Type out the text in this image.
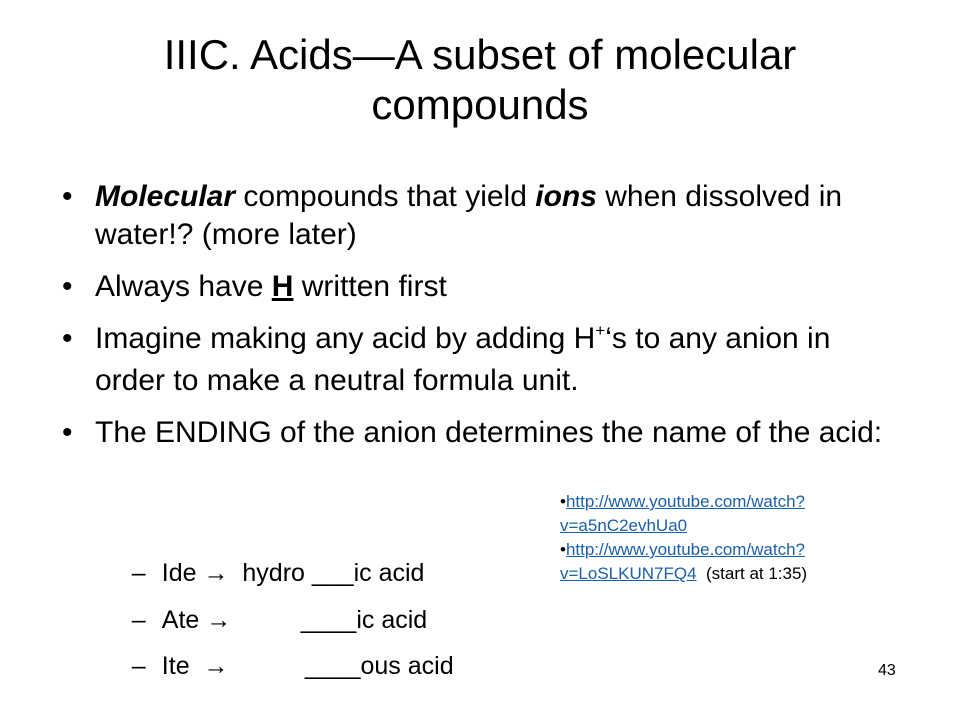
IIIC. Acids—A subset of molecular compounds
• Molecular compounds that yield ions when dissolved in water!? (more later)
• Always have H written first
• Imagine making any acid by adding H+‘s to any anion in order to make a neutral formula unit.
• The ENDING of the anion determines the name of the acid:

– Ide →  hydro ___ic acid

– Ate →          ____ic acid

– Ite  →           ____ous acid

•http://www.youtube.com/watch?
v=a5nC2evhUa0
•http://www.youtube.com/watch?
v=LoSLKUN7FQ4 (start at 1:35)
43
